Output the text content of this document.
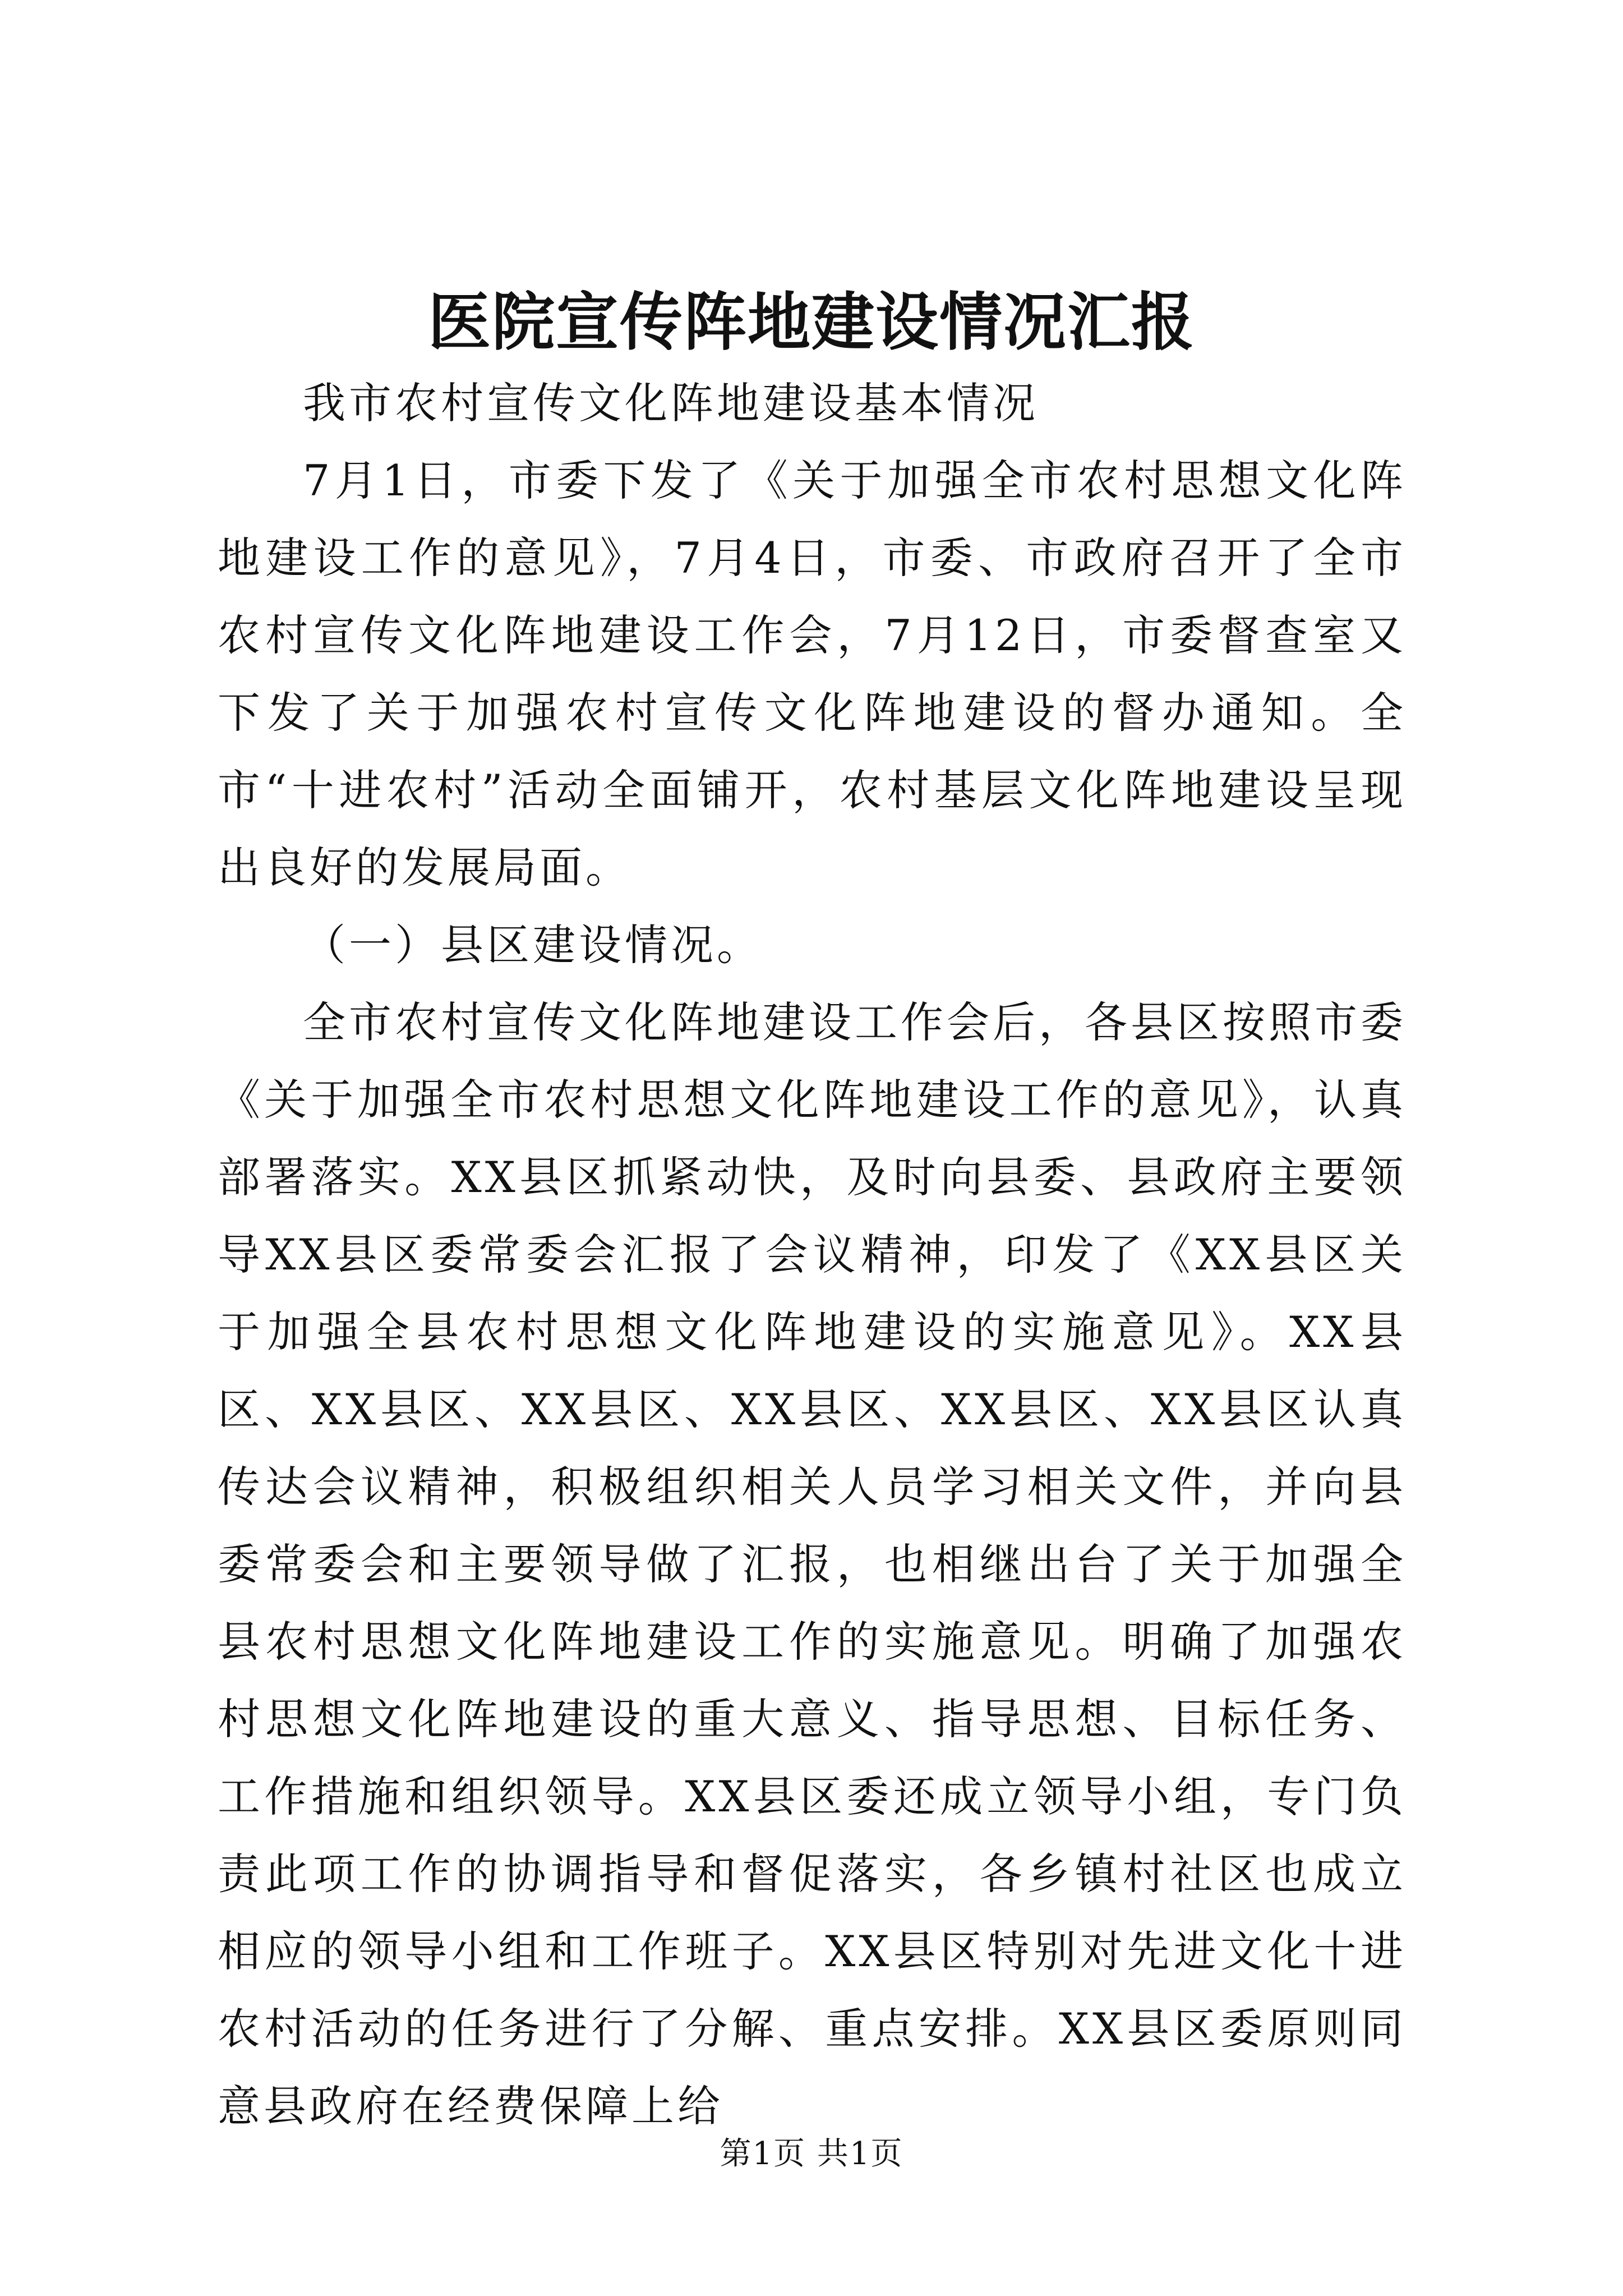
医院宣传阵地建设情况汇报

我市农村宣传文化阵地建设基本情况

7月1日，市委下发了《关于加强全市农村思想文化阵地建设工作的意见》，7月4日，市委、市政府召开了全市农村宣传文化阵地建设工作会，7月12日，市委督查室又下发了关于加强农村宣传文化阵地建设的督办通知。全市“十进农村”活动全面铺开，农村基层文化阵地建设呈现出良好的发展局面。

（一）县区建设情况。

全市农村宣传文化阵地建设工作会后，各县区按照市委《关于加强全市农村思想文化阵地建设工作的意见》，认真部署落实。XX县区抓紧动快，及时向县委、县政府主要领导XX县区委常委会汇报了会议精神，印发了《XX县区关于加强全县农村思想文化阵地建设的实施意见》。XX县区、XX县区、XX县区、XX县区、XX县区、XX县区认真传达会议精神，积极组织相关人员学习相关文件，并向县委常委会和主要领导做了汇报，也相继出台了关于加强全县农村思想文化阵地建设工作的实施意见。明确了加强农村思想文化阵地建设的重大意义、指导思想、目标任务、工作措施和组织领导。XX县区委还成立领导小组，专门负责此项工作的协调指导和督促落实，各乡镇村社区也成立相应的领导小组和工作班子。XX县区特别对先进文化十进农村活动的任务进行了分解、重点安排。XX县区委原则同意县政府在经费保障上给

第1页 共1页
